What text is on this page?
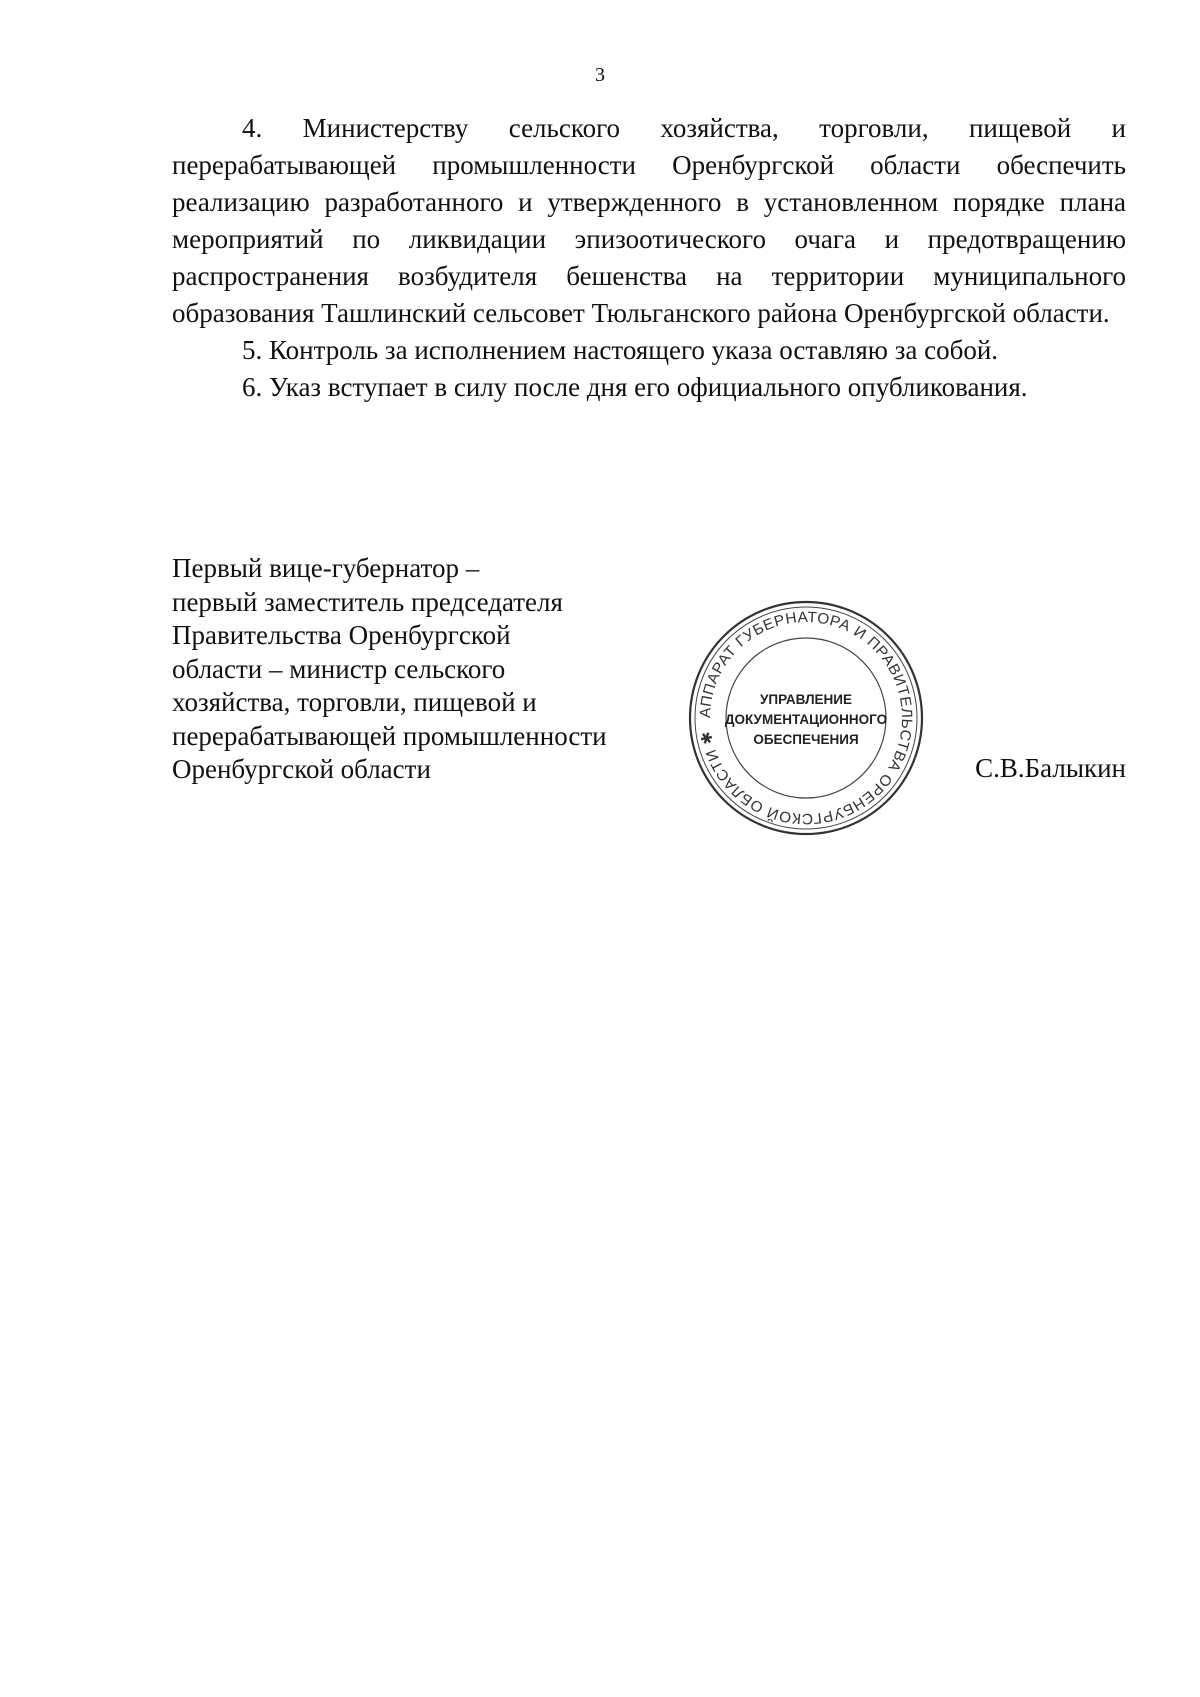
3

4. Министерству сельского хозяйства, торговли, пищевой и перерабатывающей промышленности Оренбургской области обеспечить реализацию разработанного и утвержденного в установленном порядке плана мероприятий по ликвидации эпизоотического очага и предотвращению распространения возбудителя бешенства на территории муниципального образования Ташлинский сельсовет Тюльганского района Оренбургской области.

5. Контроль за исполнением настоящего указа оставляю за собой.

6. Указ вступает в силу после дня его официального опубликования.

Первый вице-губернатор –
первый заместитель председателя
Правительства Оренбургской
области – министр сельского
хозяйства, торговли, пищевой и
перерабатывающей промышленности
Оренбургской области	С.В.Балыкин
АППАРАТ ГУБЕРНАТОРА И ПРАВИТЕЛЬСТВА ОРЕНБУРГСКОЙ ОБЛАСТИ ✱
УПРАВЛЕНИЕ
ДОКУМЕНТАЦИОННОГО
ОБЕСПЕЧЕНИЯ
